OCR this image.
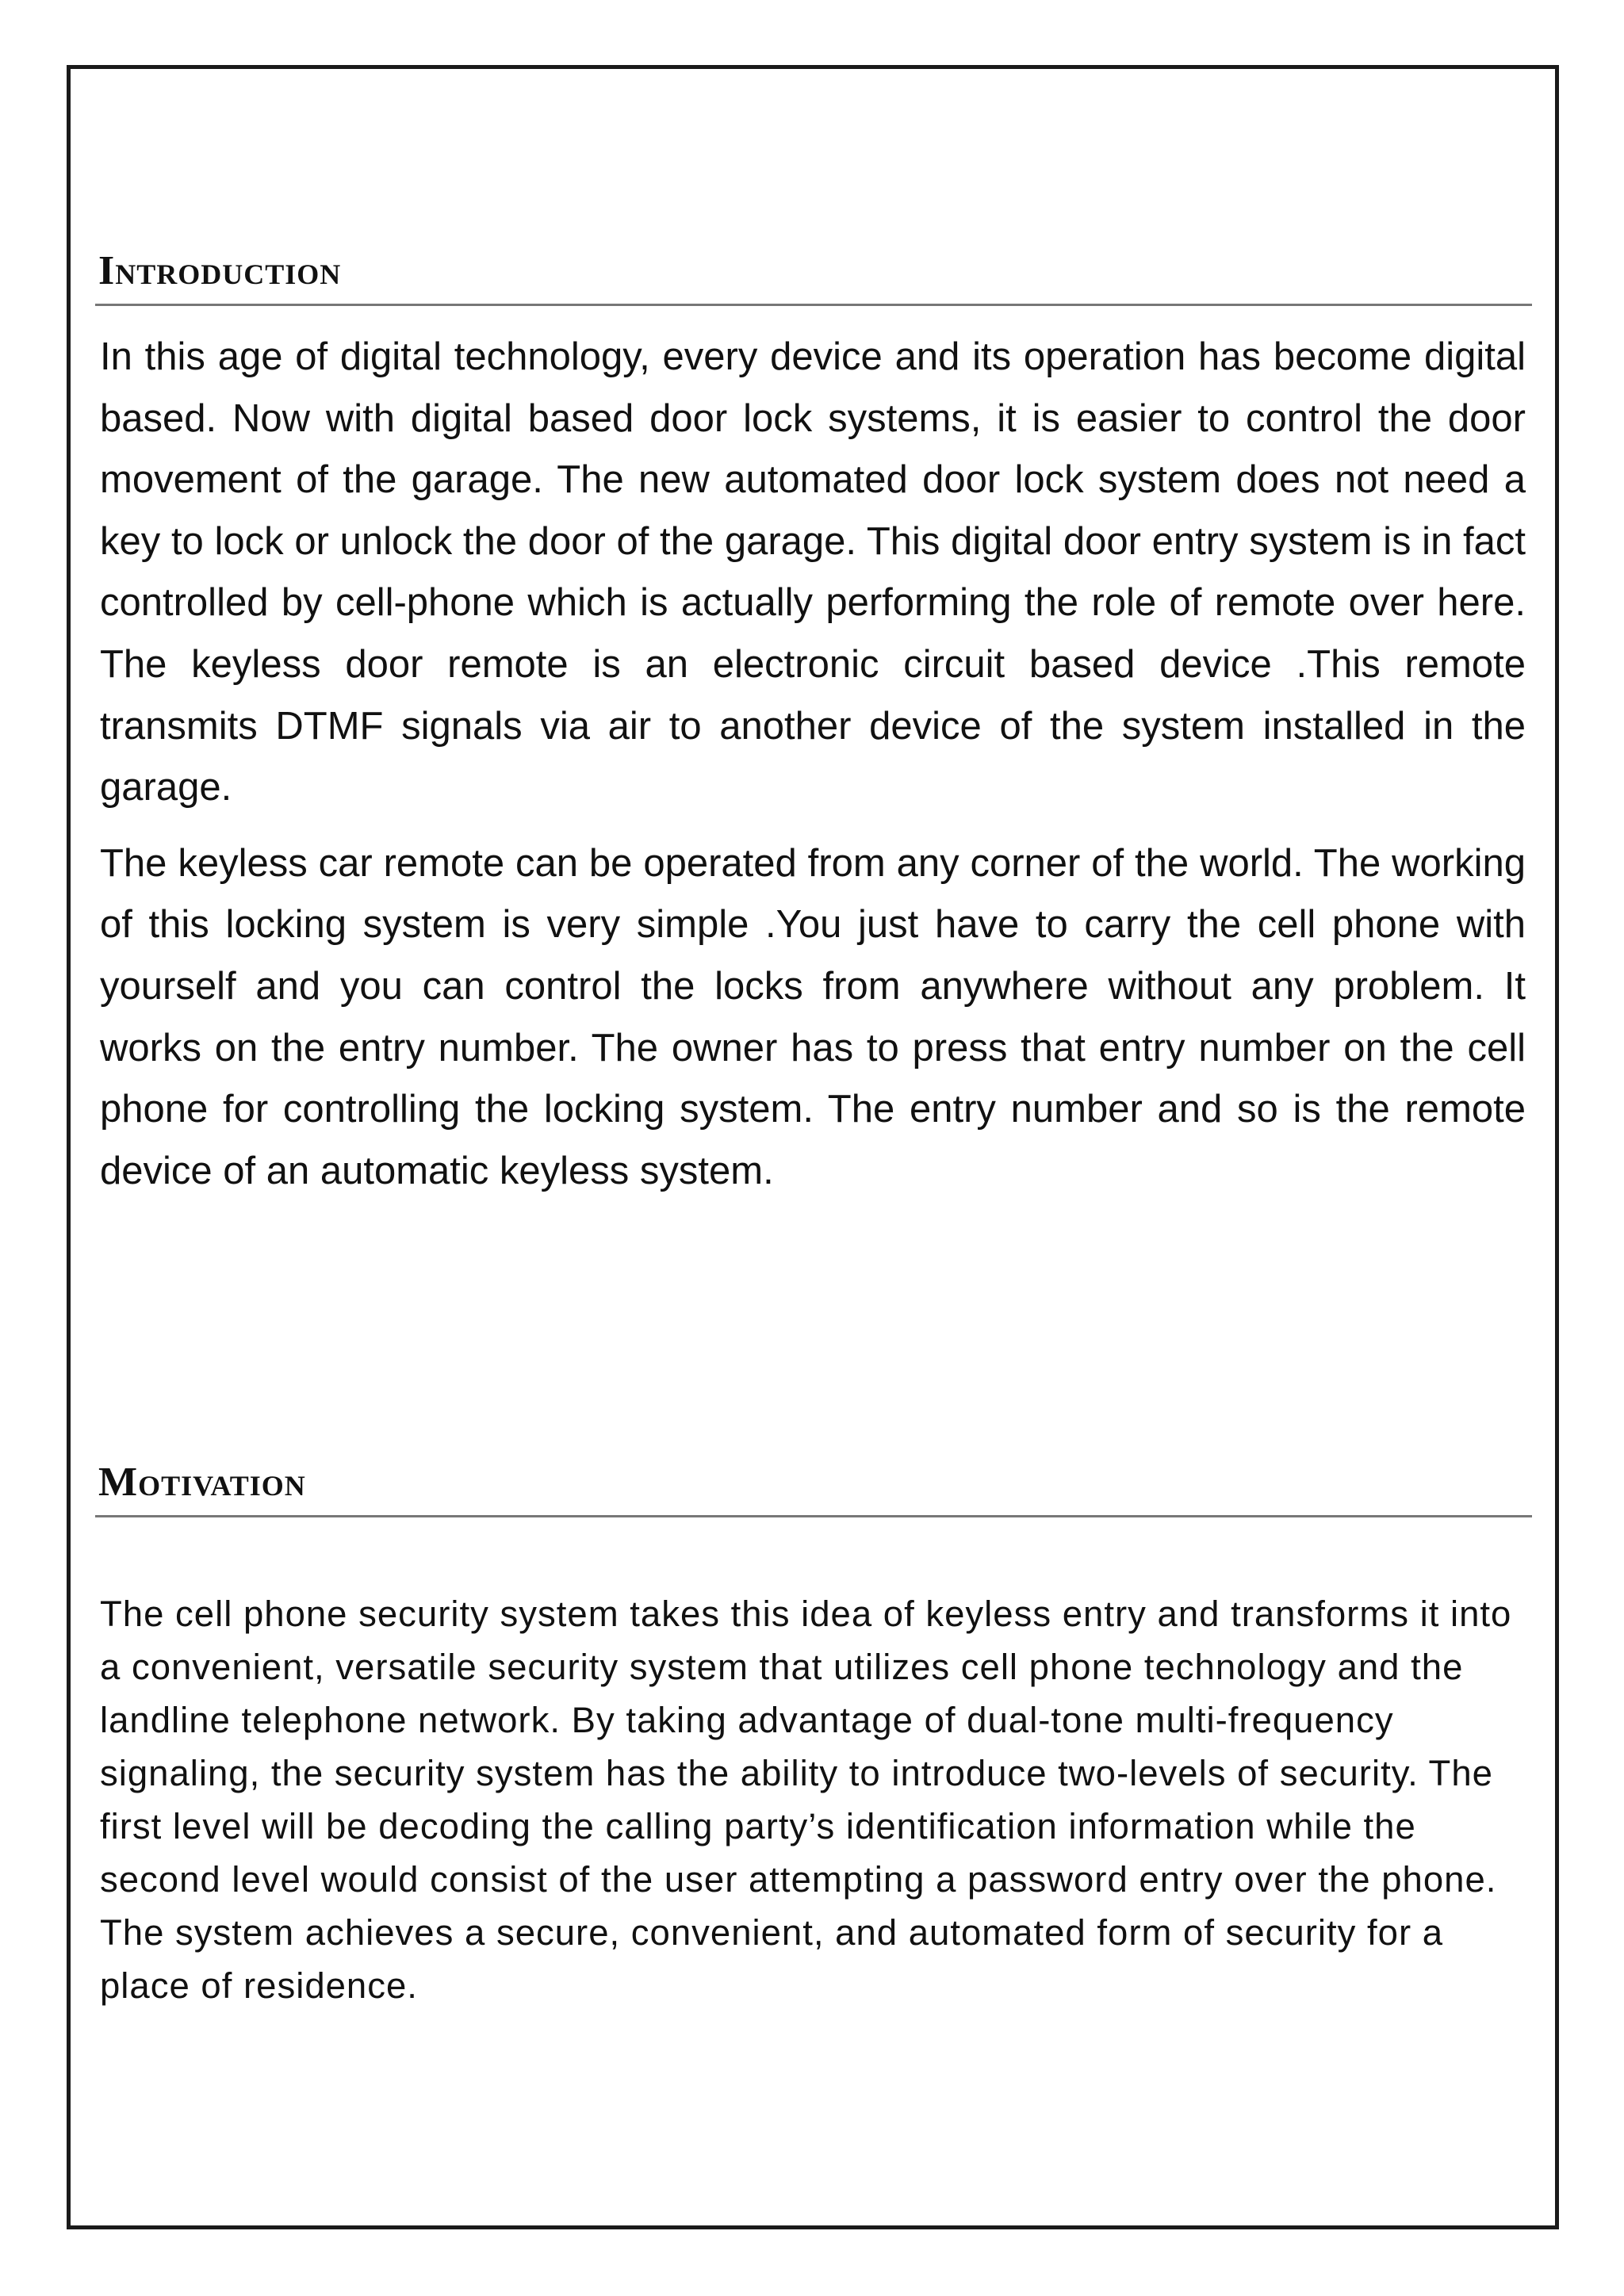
Introduction

In this age of digital technology, every device and its operation has become digital based. Now with digital based door lock systems, it is easier to control the door movement of the garage. The new automated door lock system does not need a key to lock or unlock the door of the garage. This digital door entry system is in fact controlled by cell-phone which is actually performing the role of remote over here. The keyless door remote is an electronic circuit based device .This remote transmits DTMF signals via air to another device of the system installed in the garage.

The keyless car remote can be operated from any corner of the world. The working of this locking system is very simple .You just have to carry the cell phone with yourself and you can control the locks from anywhere without any problem. It works on the entry number. The owner has to press that entry number on the cell phone for controlling the locking system. The entry number and so is the remote device of an automatic keyless system.

Motivation

The cell phone security system takes this idea of keyless entry and transforms it into a convenient, versatile security system that utilizes cell phone technology and the landline telephone network. By taking advantage of dual-tone multi-frequency signaling, the security system has the ability to introduce two-levels of security. The first level will be decoding the calling party’s identification information while the second level would consist of the user attempting a password entry over the phone. The system achieves a secure, convenient, and automated form of security for a place of residence.
